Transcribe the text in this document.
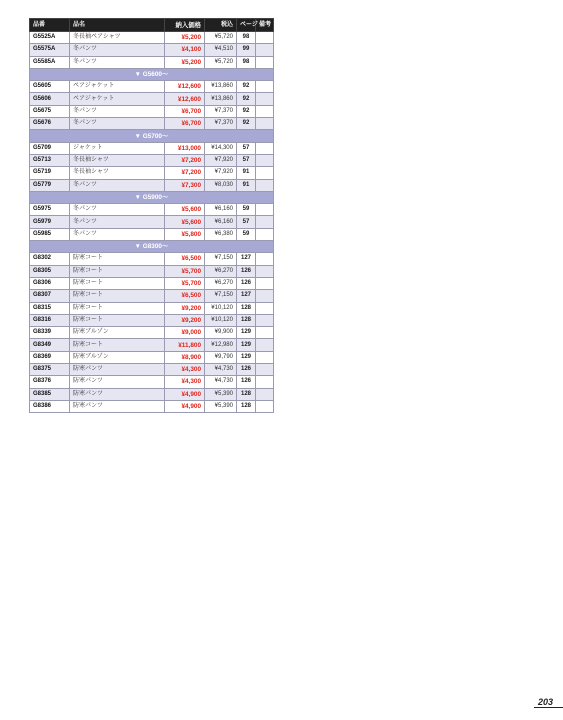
品番	品名	納入価格	税込	ページ	備考
G5525A	冬長袖ペアシャツ	¥5,200	¥5,720	98	
G5575A	冬パンツ	¥4,100	¥4,510	99	
G5585A	冬パンツ	¥5,200	¥5,720	98	
▼ G5600〜					
G5605	ペアジャケット	¥12,600	¥13,860	92	
G5606	ペアジャケット	¥12,600	¥13,860	92	
G5675	冬パンツ	¥6,700	¥7,370	92	
G5676	冬パンツ	¥6,700	¥7,370	92	
▼ G5700〜					
G5709	ジャケット	¥13,000	¥14,300	57	
G5713	冬長袖シャツ	¥7,200	¥7,920	57	
G5719	冬長袖シャツ	¥7,200	¥7,920	91	
G5779	冬パンツ	¥7,300	¥8,030	91	
▼ G5900〜					
G5975	冬パンツ	¥5,600	¥6,160	59	
G5979	冬パンツ	¥5,600	¥6,160	57	
G5985	冬パンツ	¥5,800	¥6,380	59	
▼ G8300〜					
G8302	防寒コート	¥6,500	¥7,150	127	
G8305	防寒コート	¥5,700	¥6,270	126	
G8306	防寒コート	¥5,700	¥6,270	126	
G8307	防寒コート	¥6,500	¥7,150	127	
G8315	防寒コート	¥9,200	¥10,120	128	
G8316	防寒コート	¥9,200	¥10,120	128	
G8339	防寒ブルゾン	¥9,000	¥9,900	129	
G8349	防寒コート	¥11,800	¥12,980	129	
G8369	防寒ブルゾン	¥8,900	¥9,790	129	
G8375	防寒パンツ	¥4,300	¥4,730	126	
G8376	防寒パンツ	¥4,300	¥4,730	126	
G8385	防寒パンツ	¥4,900	¥5,390	128	
G8386	防寒パンツ	¥4,900	¥5,390	128	
203
